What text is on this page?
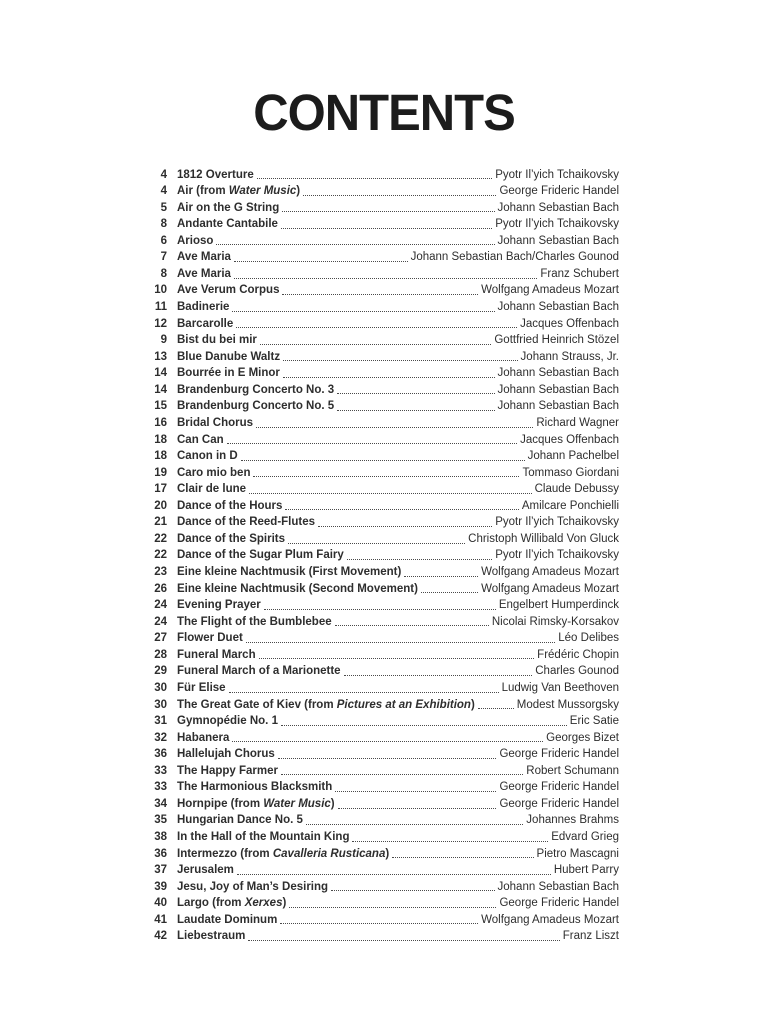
CONTENTS
4 1812 Overture	Pyotr Il’yich Tchaikovsky
4 Air (from Water Music)	George Frideric Handel
5 Air on the G String	Johann Sebastian Bach
8 Andante Cantabile	Pyotr Il’yich Tchaikovsky
6 Arioso	Johann Sebastian Bach
7 Ave Maria	Johann Sebastian Bach/Charles Gounod
8 Ave Maria	Franz Schubert
10 Ave Verum Corpus	Wolfgang Amadeus Mozart
11 Badinerie	Johann Sebastian Bach
12 Barcarolle	Jacques Offenbach
9 Bist du bei mir	Gottfried Heinrich Stözel
13 Blue Danube Waltz	Johann Strauss, Jr.
14 Bourrée in E Minor	Johann Sebastian Bach
14 Brandenburg Concerto No. 3	Johann Sebastian Bach
15 Brandenburg Concerto No. 5	Johann Sebastian Bach
16 Bridal Chorus	Richard Wagner
18 Can Can	Jacques Offenbach
18 Canon in D	Johann Pachelbel
19 Caro mio ben	Tommaso Giordani
17 Clair de lune	Claude Debussy
20 Dance of the Hours	Amilcare Ponchielli
21 Dance of the Reed-Flutes	Pyotr Il’yich Tchaikovsky
22 Dance of the Spirits	Christoph Willibald Von Gluck
22 Dance of the Sugar Plum Fairy	Pyotr Il’yich Tchaikovsky
23 Eine kleine Nachtmusik (First Movement)	Wolfgang Amadeus Mozart
26 Eine kleine Nachtmusik (Second Movement)	Wolfgang Amadeus Mozart
24 Evening Prayer	Engelbert Humperdinck
24 The Flight of the Bumblebee	Nicolai Rimsky-Korsakov
27 Flower Duet	Léo Delibes
28 Funeral March	Frédéric Chopin
29 Funeral March of a Marionette	Charles Gounod
30 Für Elise	Ludwig Van Beethoven
30 The Great Gate of Kiev (from Pictures at an Exhibition)	Modest Mussorgsky
31 Gymnopédie No. 1	Eric Satie
32 Habanera	Georges Bizet
36 Hallelujah Chorus	George Frideric Handel
33 The Happy Farmer	Robert Schumann
33 The Harmonious Blacksmith	George Frideric Handel
34 Hornpipe (from Water Music)	George Frideric Handel
35 Hungarian Dance No. 5	Johannes Brahms
38 In the Hall of the Mountain King	Edvard Grieg
36 Intermezzo (from Cavalleria Rusticana)	Pietro Mascagni
37 Jerusalem	Hubert Parry
39 Jesu, Joy of Man’s Desiring	Johann Sebastian Bach
40 Largo (from Xerxes)	George Frideric Handel
41 Laudate Dominum	Wolfgang Amadeus Mozart
42 Liebestraum	Franz Liszt
